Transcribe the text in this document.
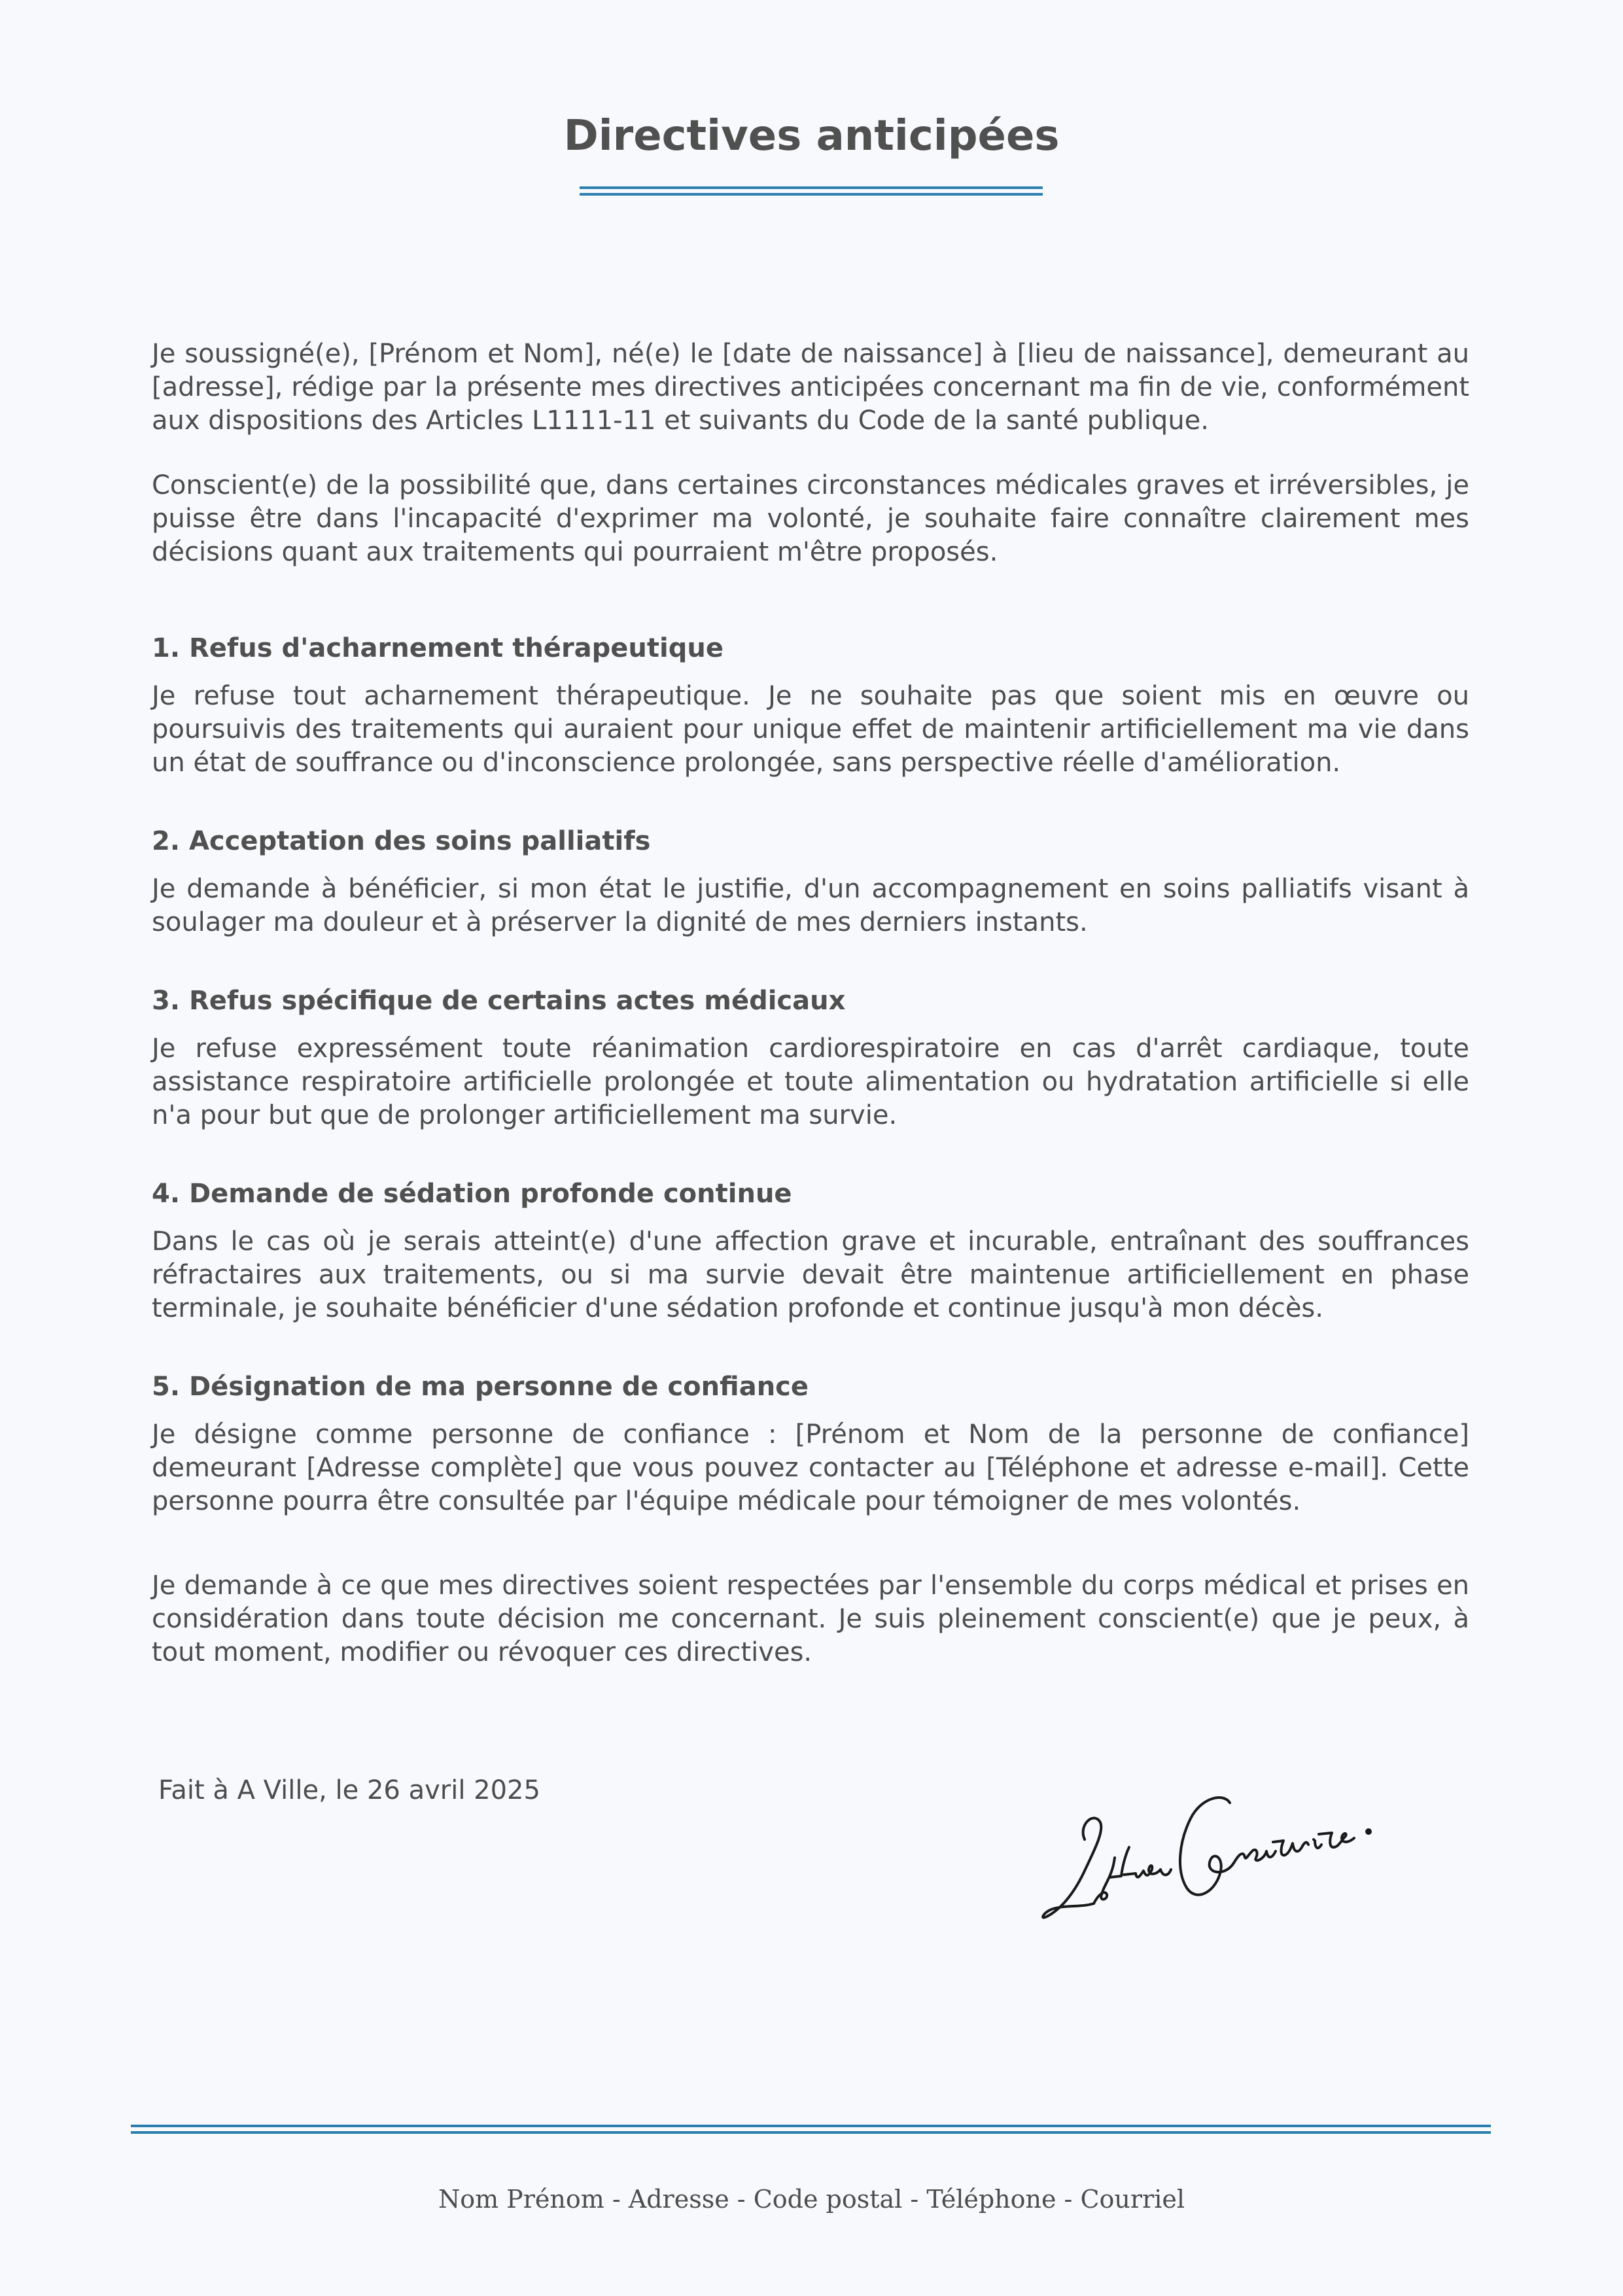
Directives anticipées

Je soussigné(e), [Prénom et Nom], né(e) le [date de naissance] à [lieu de naissance], demeurant au [adresse], rédige par la présente mes directives anticipées concernant ma fin de vie, conformément aux dispositions des Articles L1111-11 et suivants du Code de la santé publique.

Conscient(e) de la possibilité que, dans certaines circonstances médicales graves et irréversibles, je puisse être dans l'incapacité d'exprimer ma volonté, je souhaite faire connaître clairement mes décisions quant aux traitements qui pourraient m'être proposés.

1. Refus d'acharnement thérapeutique

Je refuse tout acharnement thérapeutique. Je ne souhaite pas que soient mis en œuvre ou poursuivis des traitements qui auraient pour unique effet de maintenir artificiellement ma vie dans un état de souffrance ou d'inconscience prolongée, sans perspective réelle d'amélioration.

2. Acceptation des soins palliatifs

Je demande à bénéficier, si mon état le justifie, d'un accompagnement en soins palliatifs visant à soulager ma douleur et à préserver la dignité de mes derniers instants.

3. Refus spécifique de certains actes médicaux

Je refuse expressément toute réanimation cardiorespiratoire en cas d'arrêt cardiaque, toute assistance respiratoire artificielle prolongée et toute alimentation ou hydratation artificielle si elle n'a pour but que de prolonger artificiellement ma survie.

4. Demande de sédation profonde continue

Dans le cas où je serais atteint(e) d'une affection grave et incurable, entraînant des souffrances réfractaires aux traitements, ou si ma survie devait être maintenue artificiellement en phase terminale, je souhaite bénéficier d'une sédation profonde et continue jusqu'à mon décès.

5. Désignation de ma personne de confiance

Je désigne comme personne de confiance : [Prénom et Nom de la personne de confiance] demeurant [Adresse complète] que vous pouvez contacter au [Téléphone et adresse e-mail]. Cette personne pourra être consultée par l'équipe médicale pour témoigner de mes volontés.

Je demande à ce que mes directives soient respectées par l'ensemble du corps médical et prises en considération dans toute décision me concernant. Je suis pleinement conscient(e) que je peux, à tout moment, modifier ou révoquer ces directives.

Fait à A Ville, le 26 avril 2025

Nom Prénom - Adresse - Code postal - Téléphone - Courriel
